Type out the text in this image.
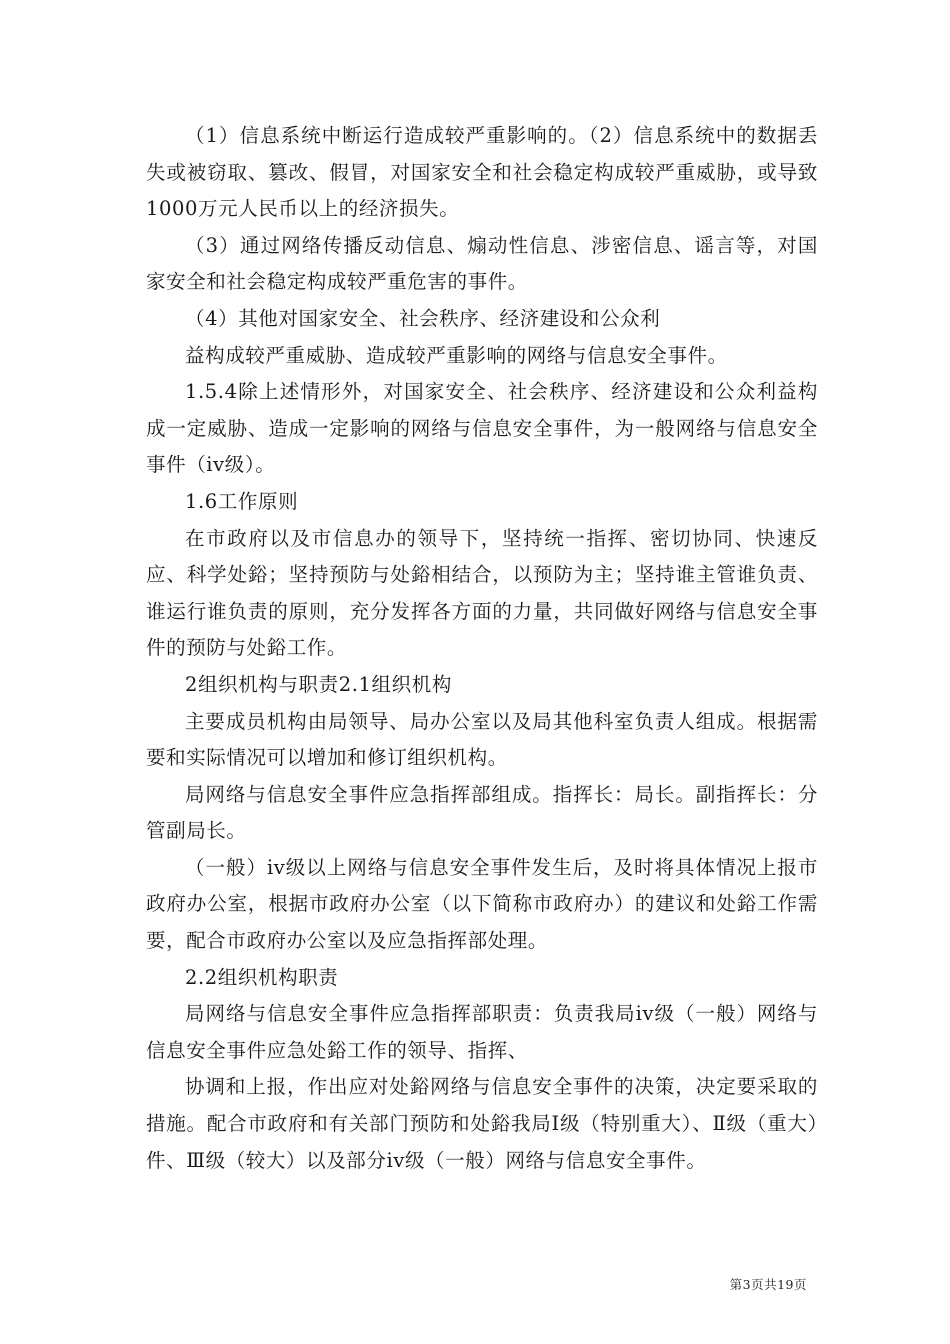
（1）信息系统中断运行造成较严重影响的。（2）信息系统中的数据丢失或被窃取、篡改、假冒，对国家安全和社会稳定构成较严重威胁，或导致1000万元人民币以上的经济损失。

（3）通过网络传播反动信息、煽动性信息、涉密信息、谣言等，对国家安全和社会稳定构成较严重危害的事件。

（4）其他对国家安全、社会秩序、经济建设和公众利

益构成较严重威胁、造成较严重影响的网络与信息安全事件。

1.5.4除上述情形外，对国家安全、社会秩序、经济建设和公众利益构成一定威胁、造成一定影响的网络与信息安全事件，为一般网络与信息安全事件（iv级）。

1.6工作原则

在市政府以及市信息办的领导下，坚持统一指挥、密切协同、快速反应、科学处鋊；坚持预防与处鋊相结合，以预防为主；坚持谁主管谁负责、谁运行谁负责的原则，充分发挥各方面的力量，共同做好网络与信息安全事件的预防与处鋊工作。

2组织机构与职责2.1组织机构

主要成员机构由局领导、局办公室以及局其他科室负责人组成。根据需要和实际情况可以增加和修订组织机构。

局网络与信息安全事件应急指挥部组成。指挥长：局长。副指挥长：分管副局长。

（一般）iv级以上网络与信息安全事件发生后，及时将具体情况上报市政府办公室，根据市政府办公室（以下简称市政府办）的建议和处鋊工作需要，配合市政府办公室以及应急指挥部处理。

2.2组织机构职责

局网络与信息安全事件应急指挥部职责：负责我局iv级（一般）网络与信息安全事件应急处鋊工作的领导、指挥、

协调和上报，作出应对处鋊网络与信息安全事件的决策，决定要采取的措施。配合市政府和有关部门预防和处鋊我局Ⅰ级（特别重大）、Ⅱ级（重大）件、Ⅲ级（较大）以及部分iv级（一般）网络与信息安全事件。

第3页共19页
